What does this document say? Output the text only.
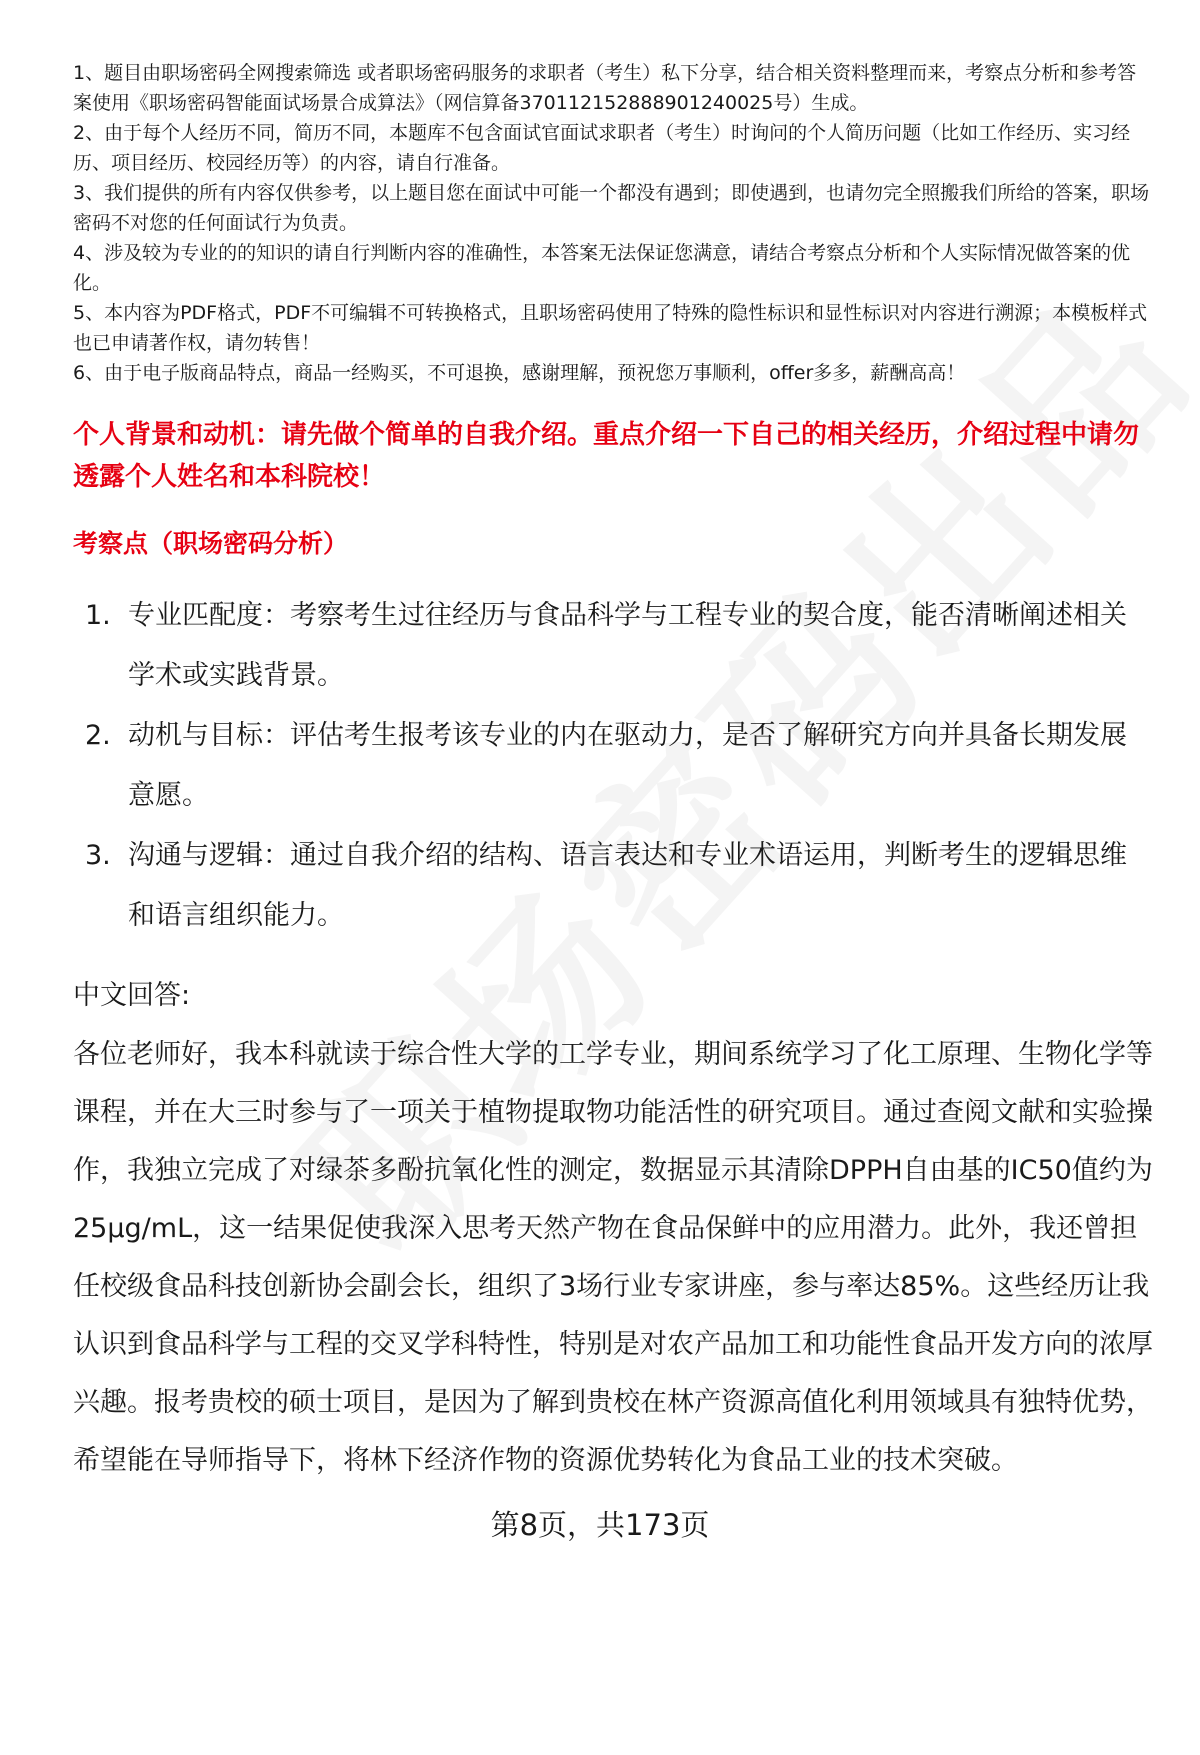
1、题目由职场密码全网搜索筛选 或者职场密码服务的求职者（考生）私下分享，结合相关资料整理而来，考察点分析和参考答案使用《职场密码智能面试场景合成算法》（网信算备370112152888901240025号）生成。

2、由于每个人经历不同，简历不同，本题库不包含面试官面试求职者（考生）时询问的个人简历问题（比如工作经历、实习经历、项目经历、校园经历等）的内容，请自行准备。

3、我们提供的所有内容仅供参考，以上题目您在面试中可能一个都没有遇到；即使遇到，也请勿完全照搬我们所给的答案，职场密码不对您的任何面试行为负责。

4、涉及较为专业的的知识的请自行判断内容的准确性，本答案无法保证您满意，请结合考察点分析和个人实际情况做答案的优化。

5、本内容为PDF格式，PDF不可编辑不可转换格式，且职场密码使用了特殊的隐性标识和显性标识对内容进行溯源；本模板样式也已申请著作权，请勿转售！

6、由于电子版商品特点，商品一经购买，不可退换，感谢理解，预祝您万事顺利，offer多多，薪酬高高！

个人背景和动机：请先做个简单的自我介绍。重点介绍一下自己的相关经历，介绍过程中请勿透露个人姓名和本科院校！
考察点（职场密码分析）
1. 专业匹配度：考察考生过往经历与食品科学与工程专业的契合度，能否清晰阐述相关学术或实践背景。
2. 动机与目标：评估考生报考该专业的内在驱动力，是否了解研究方向并具备长期发展意愿。
3. 沟通与逻辑：通过自我介绍的结构、语言表达和专业术语运用，判断考生的逻辑思维和语言组织能力。
中文回答:
各位老师好，我本科就读于综合性大学的工学专业，期间系统学习了化工原理、生物化学等课程，并在大三时参与了一项关于植物提取物功能活性的研究项目。通过查阅文献和实验操作，我独立完成了对绿茶多酚抗氧化性的测定，数据显示其清除DPPH自由基的IC50值约为25μg/mL，这一结果促使我深入思考天然产物在食品保鲜中的应用潜力。此外，我还曾担任校级食品科技创新协会副会长，组织了3场行业专家讲座，参与率达85%。这些经历让我认识到食品科学与工程的交叉学科特性，特别是对农产品加工和功能性食品开发方向的浓厚兴趣。报考贵校的硕士项目，是因为了解到贵校在林产资源高值化利用领域具有独特优势，希望能在导师指导下，将林下经济作物的资源优势转化为食品工业的技术突破。
第8页，共173页
